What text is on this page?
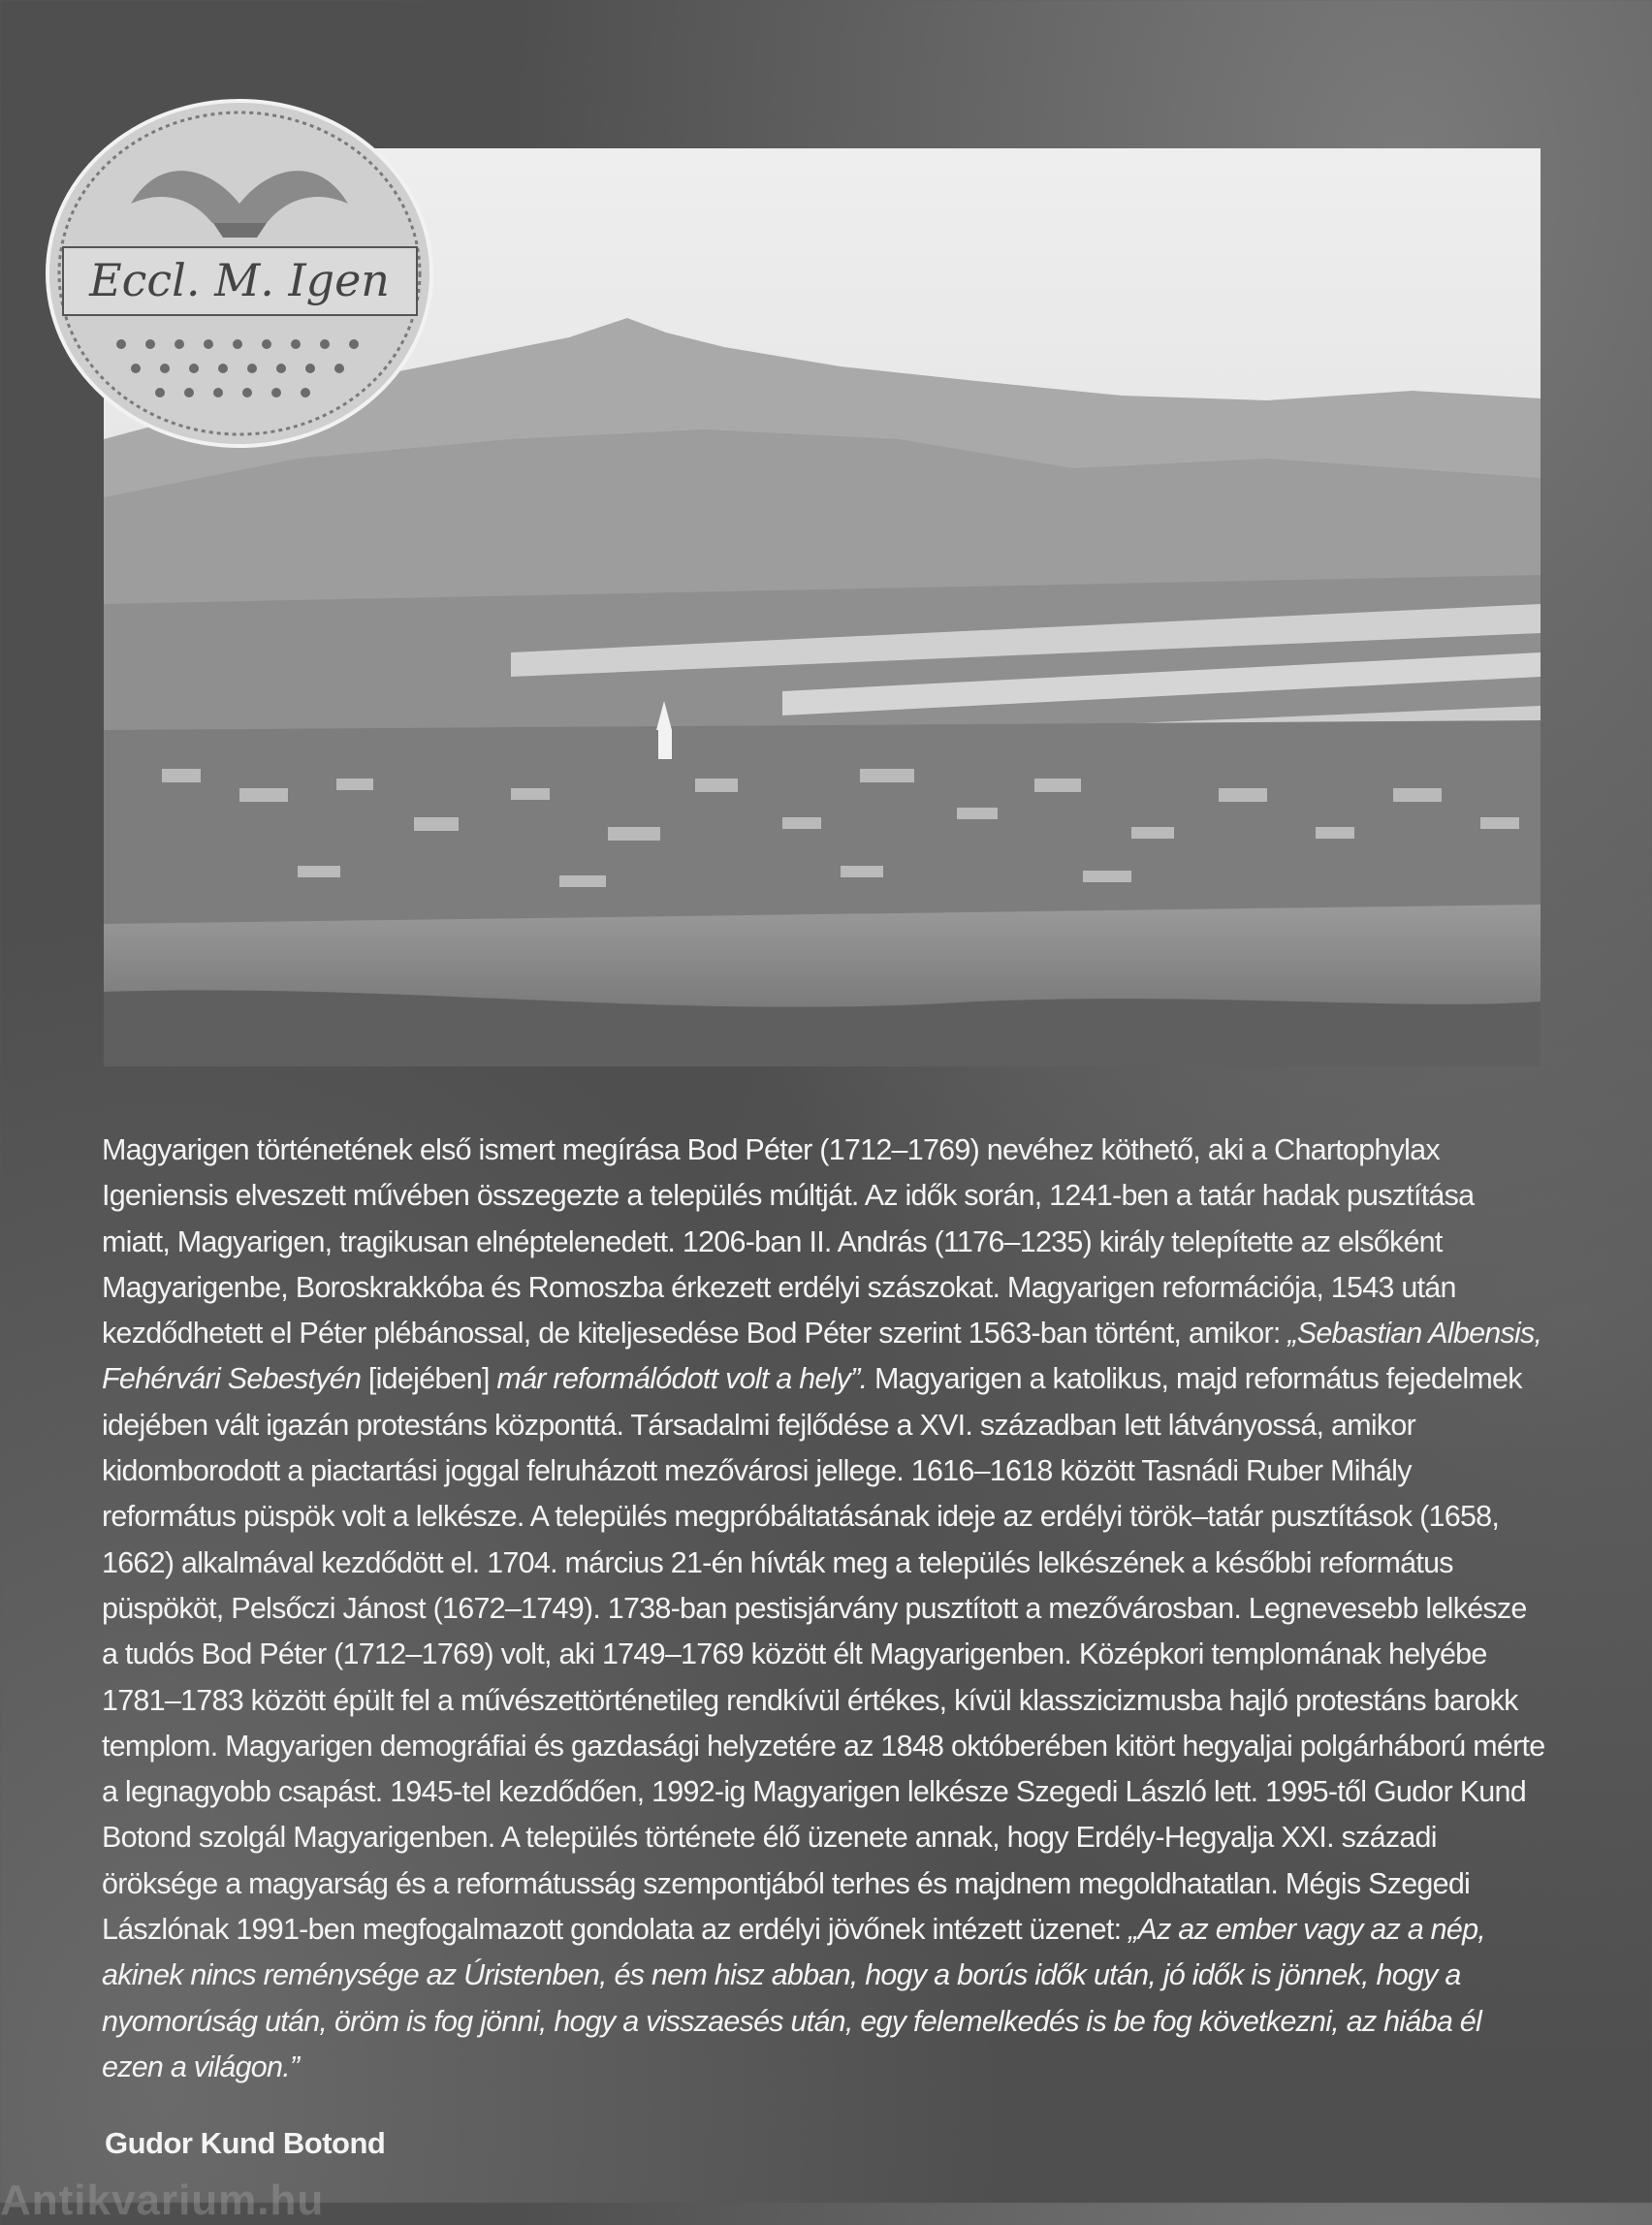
Eccl. M. Igen

Magyarigen történetének első ismert megírása Bod Péter (1712–1769) nevéhez köthető, aki a Chartophylax Igeniensis elveszett művében összegezte a település múltját. Az idők során, 1241-ben a tatár hadak pusztítása miatt, Magyarigen, tragikusan elnéptelenedett. 1206-ban II. András (1176–1235) király telepítette az elsőként Magyarigenbe, Boroskrakkóba és Romoszba érkezett erdélyi szászokat. Magyarigen reformációja, 1543 után kezdődhetett el Péter plébánossal, de kiteljesedése Bod Péter szerint 1563-ban történt, amikor: „Sebastian Albensis, Fehérvári Sebestyén [idejében] már reformálódott volt a hely”. Magyarigen a katolikus, majd református fejedelmek idejében vált igazán protestáns központtá. Társadalmi fejlődése a XVI. században lett látványossá, amikor kidomborodott a piactartási joggal felruházott mezővárosi jellege. 1616–1618 között Tasnádi Ruber Mihály református püspök volt a lelkésze. A település megpróbáltatásának ideje az erdélyi török–tatár pusztítások (1658, 1662) alkalmával kezdődött el. 1704. március 21-én hívták meg a település lelkészének a későbbi református püspököt, Pelsőczi Jánost (1672–1749). 1738-ban pestisjárvány pusztított a mezővárosban. Legnevesebb lelkésze a tudós Bod Péter (1712–1769) volt, aki 1749–1769 között élt Magyarigenben. Középkori templomának helyébe 1781–1783 között épült fel a művészettörténetileg rendkívül értékes, kívül klasszicizmusba hajló protestáns barokk templom. Magyarigen demográfiai és gazdasági helyzetére az 1848 októberében kitört hegyaljai polgárháború mérte a legnagyobb csapást. 1945-tel kezdődően, 1992-ig Magyarigen lelkésze Szegedi László lett. 1995-től Gudor Kund Botond szolgál Magyarigenben. A település története élő üzenete annak, hogy Erdély-Hegyalja XXI. századi öröksége a magyarság és a reformátusság szempontjából terhes és majdnem megoldhatatlan. Mégis Szegedi Lászlónak 1991-ben megfogalmazott gondolata az erdélyi jövőnek intézett üzenet: „Az az ember vagy az a nép, akinek nincs reménysége az Úristenben, és nem hisz abban, hogy a borús idők után, jó idők is jönnek, hogy a nyomorúság után, öröm is fog jönni, hogy a visszaesés után, egy felemelkedés is be fog következni, az hiába él ezen a világon.”

Gudor Kund Botond
Antikvarium.hu
